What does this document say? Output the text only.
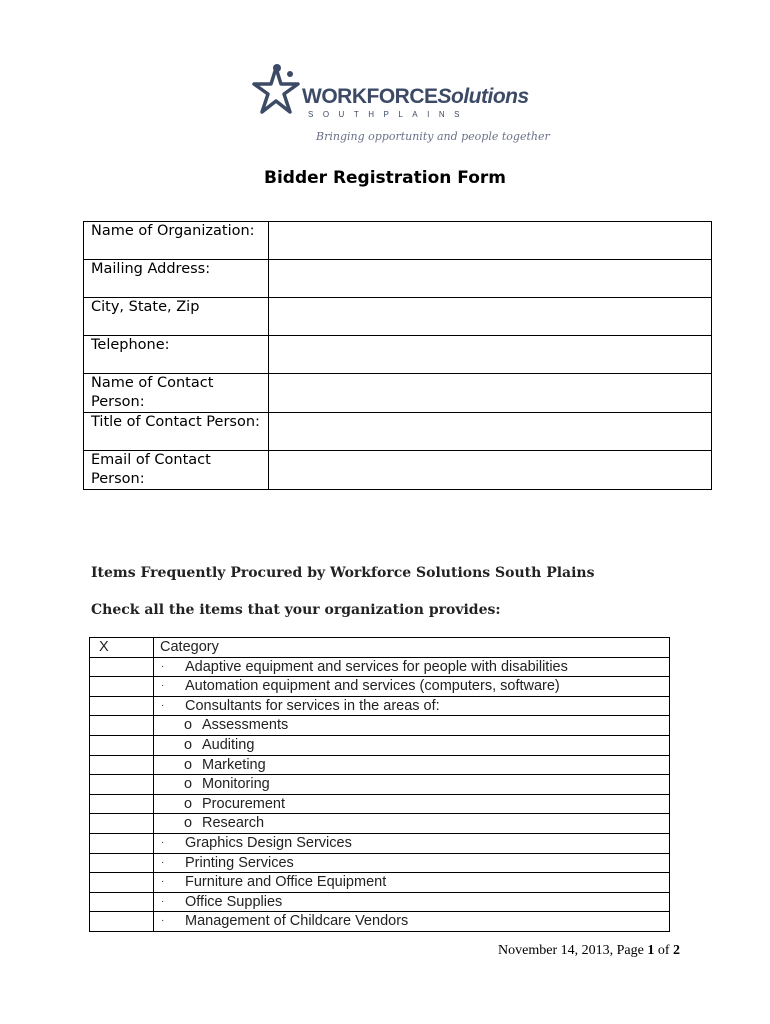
WORKFORCESolutions
SOUTHPLAINS
Bringing opportunity and people together
Bidder Registration Form
Name of Organization:	
Mailing Address:	
City, State, Zip	
Telephone:	
Name of Contact Person:	
Title of Contact Person:	
Email of Contact Person:	
Items Frequently Procured by Workforce Solutions South Plains
Check all the items that your organization provides:
X	Category
	· Adaptive equipment and services for people with disabilities
	· Automation equipment and services (computers, software)
	· Consultants for services in the areas of:
	o Assessments
	o Auditing
	o Marketing
	o Monitoring
	o Procurement
	o Research
	· Graphics Design Services
	· Printing Services
	· Furniture and Office Equipment
	· Office Supplies
	· Management of Childcare Vendors
November 14, 2013, Page 1 of 2
